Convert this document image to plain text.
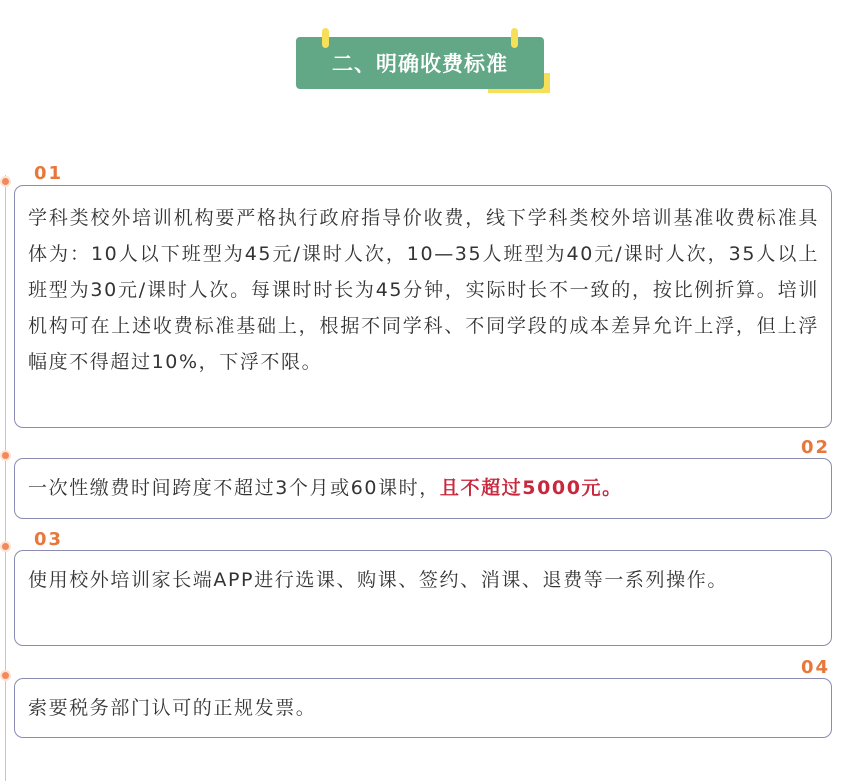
二、明确收费标准
01

学科类校外培训机构要严格执行政府指导价收费，线下学科类校外培训基准收费标准具体为：10人以下班型为45元/课时人次，10—35人班型为40元/课时人次，35人以上班型为30元/课时人次。每课时时长为45分钟，实际时长不一致的，按比例折算。培训机构可在上述收费标准基础上，根据不同学科、不同学段的成本差异允许上浮，但上浮幅度不得超过10%，下浮不限。

02

一次性缴费时间跨度不超过3个月或60课时，且不超过5000元。

03

使用校外培训家长端APP进行选课、购课、签约、消课、退费等一系列操作。

04

索要税务部门认可的正规发票。
